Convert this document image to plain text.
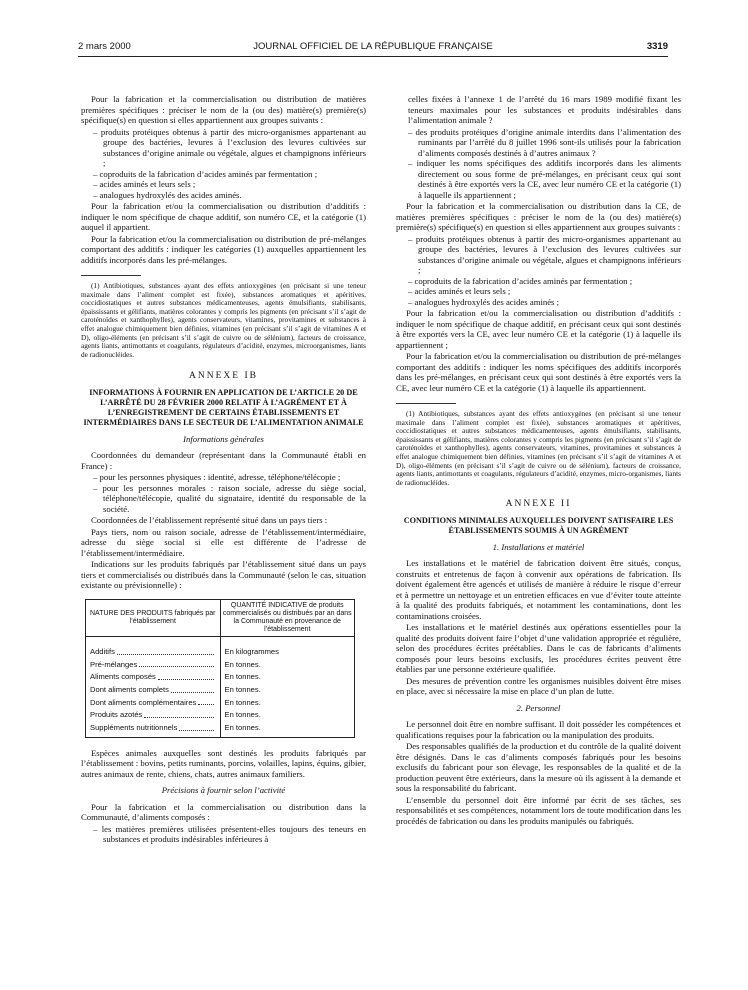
2 mars 2000	JOURNAL OFFICIEL DE LA RÉPUBLIQUE FRANÇAISE	3319

Pour la fabrication et la commercialisation ou distribution de matières premières spécifiques : préciser le nom de la (ou des) matière(s) première(s) spécifique(s) en question si elles appartiennent aux groupes suivants :

– produits protéiques obtenus à partir des micro-organismes appartenant au groupe des bactéries, levures à l’exclusion des levures cultivées sur substances d’origine animale ou végétale, algues et champignons inférieurs ;
– coproduits de la fabrication d’acides aminés par fermentation ;
– acides aminés et leurs sels ;
– analogues hydroxylés des acides aminés.

Pour la fabrication et/ou la commercialisation ou distribution d’additifs : indiquer le nom spécifique de chaque additif, son numéro CE, et la catégorie (1) auquel il appartient.

Pour la fabrication et/ou la commercialisation ou distribution de pré-mélanges comportant des additifs : indiquer les catégories (1) auxquelles appartiennent les additifs incorporés dans les pré-mélanges.

(1) Antibiotiques, substances ayant des effets antioxygènes (en précisant si une teneur maximale dans l’aliment complet est fixée), substances aromatiques et apéritives, coccidiostatiques et autres substances médicamenteuses, agents émulsifiants, stabilisants, épaississants et gélifiants, matières colorantes y compris les pigments (en précisant s’il s’agit de caroténoïdes et xanthophylles), agents conservateurs, vitamines, provitamines et substances à effet analogue chimiquement bien définies, vitamines (en précisant s’il s’agit de vitamines A et D), oligo-éléments (en précisant s’il s’agit de cuivre ou de sélénium), facteurs de croissance, agents liants, antimottants et coagulants, régulateurs d’acidité, enzymes, microorganismes, liants de radionucléides.

ANNEXE IB
INFORMATIONS À FOURNIR EN APPLICATION DE L’ARTICLE 20 DE L’ARRÊTÉ DU 28 FÉVRIER 2000 RELATIF À L’AGRÉMENT ET À L’ENREGISTREMENT DE CERTAINS ÉTABLISSEMENTS ET INTERMÉDIAIRES DANS LE SECTEUR DE L’ALIMENTATION ANIMALE
Informations générales

Coordonnées du demandeur (représentant dans la Communauté établi en France) :

– pour les personnes physiques : identité, adresse, téléphone/télécopie ;
– pour les personnes morales : raison sociale, adresse du siège social, téléphone/télécopie, qualité du signataire, identité du responsable de la société.

Coordonnées de l’établissement représenté situé dans un pays tiers :

Pays tiers, nom ou raison sociale, adresse de l’établissement/intermédiaire, adresse du siège social si elle est différente de l’adresse de l’établissement/intermédiaire.

Indications sur les produits fabriqués par l’établissement situé dans un pays tiers et commercialisés ou distribués dans la Communauté (selon le cas, situation existante ou prévisionnelle) :

NATURE DES PRODUITS fabriqués par l’établissement	QUANTITÉ INDICATIVE de produits commercialisés ou distribués par an dans la Communauté en provenance de l’établissement

Additifs	En kilogrammes

Pré-mélanges	En tonnes.

Aliments composés	En tonnes.

Dont aliments complets	En tonnes.

Dont aliments complémentaires	En tonnes.

Produits azotés	En tonnes.

Suppléments nutritionnels	En tonnes.

Espèces animales auxquelles sont destinés les produits fabriqués par l’établissement : bovins, petits ruminants, porcins, volailles, lapins, équins, gibier, autres animaux de rente, chiens, chats, autres animaux familiers.

Précisions à fournir selon l’activité

Pour la fabrication et la commercialisation ou distribution dans la Communauté, d’aliments composés :

– les matières premières utilisées présentent-elles toujours des teneurs en substances et produits indésirables inférieures à

celles fixées à l’annexe 1 de l’arrêté du 16 mars 1989 modifié fixant les teneurs maximales pour les substances et produits indésirables dans l’alimentation animale ?

– des produits protéiques d’origine animale interdits dans l’alimentation des ruminants par l’arrêté du 8 juillet 1996 sont-ils utilisés pour la fabrication d’aliments composés destinés à d’autres animaux ?
– indiquer les noms spécifiques des additifs incorporés dans les aliments directement ou sous forme de pré-mélanges, en précisant ceux qui sont destinés à être exportés vers la CE, avec leur numéro CE et la catégorie (1) à laquelle ils appartiennent ;

Pour la fabrication et la commercialisation ou distribution dans la CE, de matières premières spécifiques : préciser le nom de la (ou des) matière(s) première(s) spécifique(s) en question si elles appartiennent aux groupes suivants :

– produits protéiques obtenus à partir des micro-organismes appartenant au groupe des bactéries, levures à l’exclusion des levures cultivées sur substances d’origine animale ou végétale, algues et champignons inférieurs ;
– coproduits de la fabrication d’acides aminés par fermentation ;
– acides aminés et leurs sels ;
– analogues hydroxylés des acides aminés ;

Pour la fabrication et/ou la commercialisation ou distribution d’additifs : indiquer le nom spécifique de chaque additif, en précisant ceux qui sont destinés à être exportés vers la CE, avec leur numéro CE et la catégorie (1) à laquelle ils appartiennent ;

Pour la fabrication et/ou la commercialisation ou distribution de pré-mélanges comportant des additifs : indiquer les noms spécifiques des additifs incorporés dans les pré-mélanges, en précisant ceux qui sont destinés à être exportés vers la CE, avec leur numéro CE et la catégorie (1) à laquelle ils appartiennent.

(1) Antibiotiques, substances ayant des effets antioxygènes (en précisant si une teneur maximale dans l’aliment complet est fixée), substances aromatiques et apéritives, coccidiostatiques et autres substances médicamenteuses, agents émulsifiants, stabilisants, épaississants et gélifiants, matières colorantes y compris les pigments (en précisant s’il s’agit de caroténoïdes et xanthophylles), agents conservateurs, vitamines, provitamines et substances à effet analogue chimiquement bien définies, vitamines (en précisant s’il s’agit de vitamines A et D), oligo-éléments (en précisant s’il s’agit de cuivre ou de sélénium), facteurs de croissance, agents liants, antimottants et coagulants, régulateurs d’acidité, enzymes, micro-organismes, liants de radionucléides.

ANNEXE II
CONDITIONS MINIMALES AUXQUELLES DOIVENT SATISFAIRE LES ÉTABLISSEMENTS SOUMIS À UN AGRÉMENT
1. Installations et matériel

Les installations et le matériel de fabrication doivent être situés, conçus, construits et entretenus de façon à convenir aux opérations de fabrication. Ils doivent également être agencés et utilisés de manière à réduire le risque d’erreur et à permettre un nettoyage et un entretien efficaces en vue d’éviter toute atteinte à la qualité des produits fabriqués, et notamment les contaminations, dont les contaminations croisées.

Les installations et le matériel destinés aux opérations essentielles pour la qualité des produits doivent faire l’objet d’une validation appropriée et régulière, selon des procédures écrites préétablies. Dans le cas de fabricants d’aliments composés pour leurs besoins exclusifs, les procédures écrites peuvent être établies par une personne extérieure qualifiée.

Des mesures de prévention contre les organismes nuisibles doivent être mises en place, avec si nécessaire la mise en place d’un plan de lutte.

2. Personnel

Le personnel doit être en nombre suffisant. Il doit posséder les compétences et qualifications requises pour la fabrication ou la manipulation des produits.

Des responsables qualifiés de la production et du contrôle de la qualité doivent être désignés. Dans le cas d’aliments composés fabriqués pour les besoins exclusifs du fabricant pour son élevage, les responsables de la qualité et de la production peuvent être extérieurs, dans la mesure où ils agissent à la demande et sous la responsabilité du fabricant.

L’ensemble du personnel doit être informé par écrit de ses tâches, ses responsabilités et ses compétences, notamment lors de toute modification dans les procédés de fabrication ou dans les produits manipulés ou fabriqués.
